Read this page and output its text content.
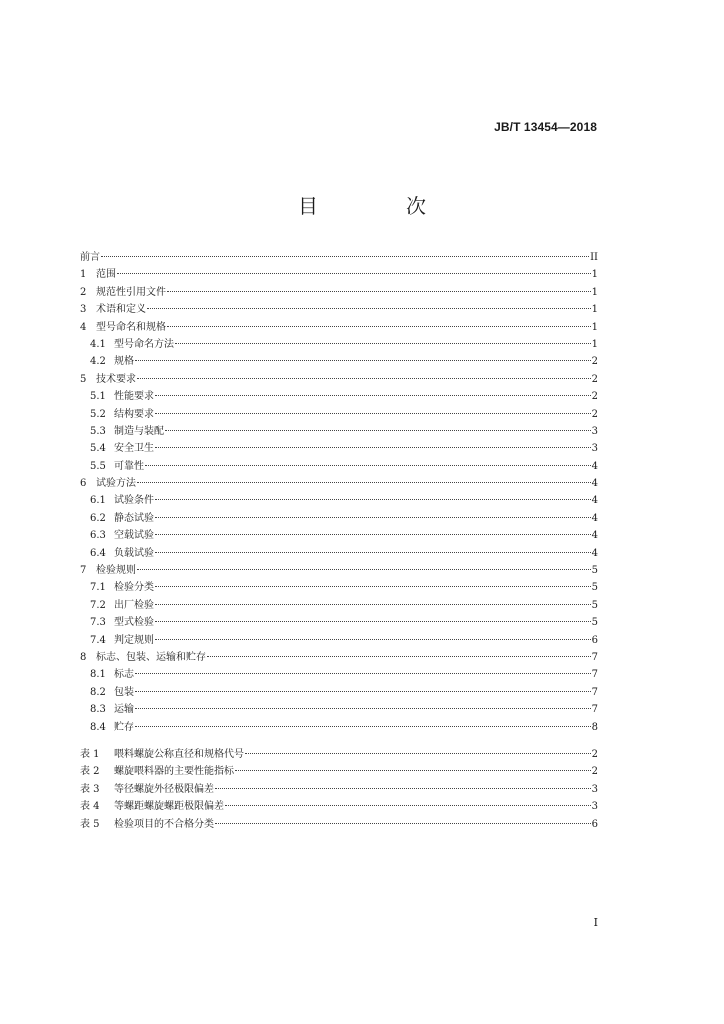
JB/T 13454—2018
目　次
前言	II
1 范围	1
2 规范性引用文件	1
3 术语和定义	1
4 型号命名和规格	1
4.1 型号命名方法	1
4.2 规格	2
5 技术要求	2
5.1 性能要求	2
5.2 结构要求	2
5.3 制造与装配	3
5.4 安全卫生	3
5.5 可靠性	4
6 试验方法	4
6.1 试验条件	4
6.2 静态试验	4
6.3 空载试验	4
6.4 负载试验	4
7 检验规则	5
7.1 检验分类	5
7.2 出厂检验	5
7.3 型式检验	5
7.4 判定规则	6
8 标志、包装、运输和贮存	7
8.1 标志	7
8.2 包装	7
8.3 运输	7
8.4 贮存	8
表 1	喂料螺旋公称直径和规格代号	2
表 2	螺旋喂料器的主要性能指标	2
表 3	等径螺旋外径极限偏差	3
表 4	等螺距螺旋螺距极限偏差	3
表 5	检验项目的不合格分类	6
I
